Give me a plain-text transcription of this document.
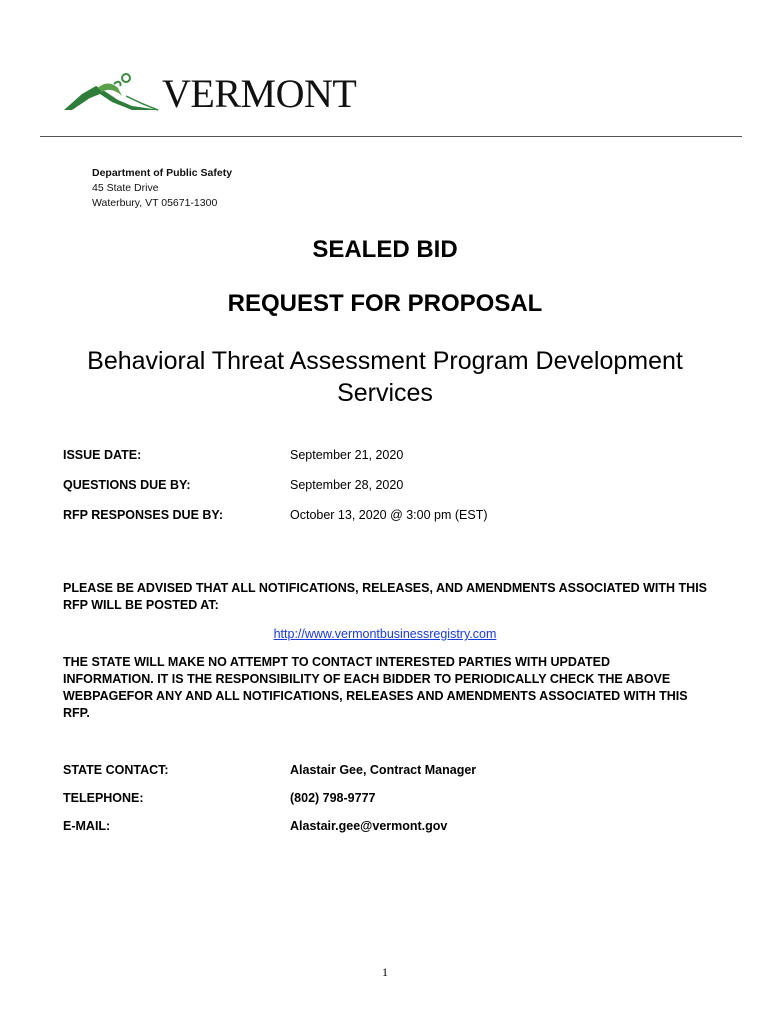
VERMONT
Department of Public Safety
45 State Drive
Waterbury, VT 05671-1300
SEALED BID
REQUEST FOR PROPOSAL
Behavioral Threat Assessment Program Development Services
ISSUE DATE:	September 21, 2020
QUESTIONS DUE BY:	September 28, 2020
RFP RESPONSES DUE BY:	October 13, 2020 @ 3:00 pm (EST)
PLEASE BE ADVISED THAT ALL NOTIFICATIONS, RELEASES, AND AMENDMENTS ASSOCIATED WITH THIS RFP WILL BE POSTED AT:
http://www.vermontbusinessregistry.com
THE STATE WILL MAKE NO ATTEMPT TO CONTACT INTERESTED PARTIES WITH UPDATED INFORMATION. IT IS THE RESPONSIBILITY OF EACH BIDDER TO PERIODICALLY CHECK THE ABOVE WEBPAGEFOR ANY AND ALL NOTIFICATIONS, RELEASES AND AMENDMENTS ASSOCIATED WITH THIS RFP.
STATE CONTACT:	Alastair Gee, Contract Manager
TELEPHONE:	(802) 798-9777
E-MAIL:	Alastair.gee@vermont.gov
1
